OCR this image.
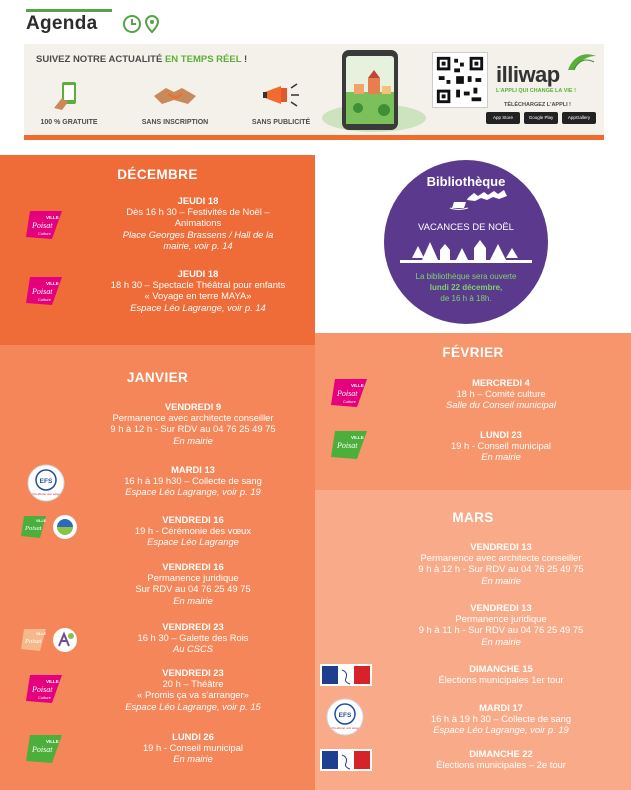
Agenda
SUIVEZ NOTRE ACTUALITÉ EN TEMPS RÉEL !
100 % GRATUITE	SANS INSCRIPTION	SANS PUBLICITÉ
illiwap
L'APPLI QUI CHANGE LA VIE !
TÉLÉCHARGEZ L'APPLI !
App Store	Google Play	AppGallery
DÉCEMBRE
VILLE
Poisat
Culture
JEUDI 18
Dès 16 h 30 – Festivités de Noël –
Animations
Place Georges Brassens / Hall de la
mairie, voir p. 14
VILLE
Poisat
Culture
JEUDI 18
18 h 30 – Spectacle Théâtral pour enfants
« Voyage en terre MAYA»
Espace Léo Lagrange, voir p. 14
Bibliothèque
VACANCES DE NOËL
La bibliothèque sera ouverte
lundi 22 décembre,
de 16 h à 18h.
JANVIER
VENDREDI 9
Permanence avec architecte conseiller
9 h à 12 h - Sur RDV au 04 76 25 49 75
En mairie
EFS
On donne son sang
MARDI 13
16 h à 19 h30 – Collecte de sang
Espace Léo Lagrange, voir p. 19
VILLE
Poisat
VENDREDI 16
19 h - Cérémonie des vœux
Espace Léo Lagrange
VENDREDI 16
Permanence juridique
Sur RDV au 04 76 25 49 75
En mairie
VILLE
Poisat
VENDREDI 23
16 h 30 – Galette des Rois
Au CSCS
VILLE
Poisat
Culture
VENDREDI 23
20 h – Théâtre
« Promis ça va s'arranger»
Espace Léo Lagrange, voir p. 15
VILLE
Poisat
LUNDI 26
19 h - Conseil municipal
En mairie
FÉVRIER
VILLE
Poisat
Culture
MERCREDI 4
18 h – Comité culture
Salle du Conseil municipal
VILLE
Poisat
LUNDI 23
19 h - Conseil municipal
En mairie
MARS
VENDREDI 13
Permanence avec architecte conseiller
9 h à 12 h - Sur RDV au 04 76 25 49 75
En mairie
VENDREDI 13
Permanence juridique
9 h à 11 h - Sur RDV au 04 76 25 49 75
En mairie
DIMANCHE 15
Élections municipales 1er tour
EFS
On donne son sang
MARDI 17
16 h à 19 h 30 – Collecte de sang
Espace Léo Lagrange, voir p. 19
DIMANCHE 22
Élections municipales – 2e tour
